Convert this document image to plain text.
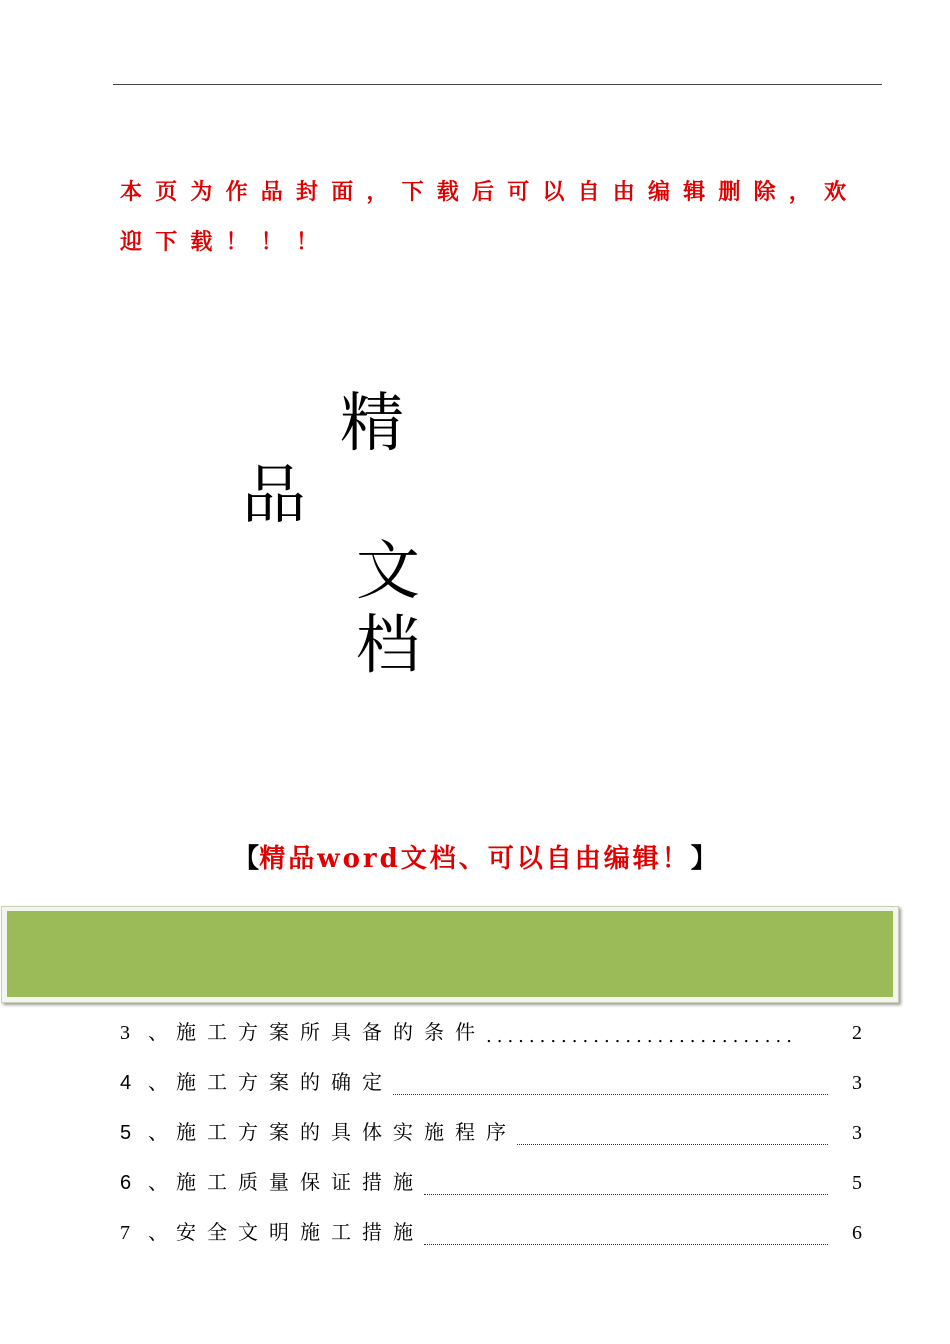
本页为作品封面，下载后可以自由编辑删除，欢迎下载！！！
精
品
文
档
【精品word文档、可以自由编辑！】
3 、 施工方案所具备的条件 .............................	2
4 、 施工方案的确定	3
5 、 施工方案的具体实施程序	3
6 、 施工质量保证措施	5
7 、 安全文明施工措施	6
